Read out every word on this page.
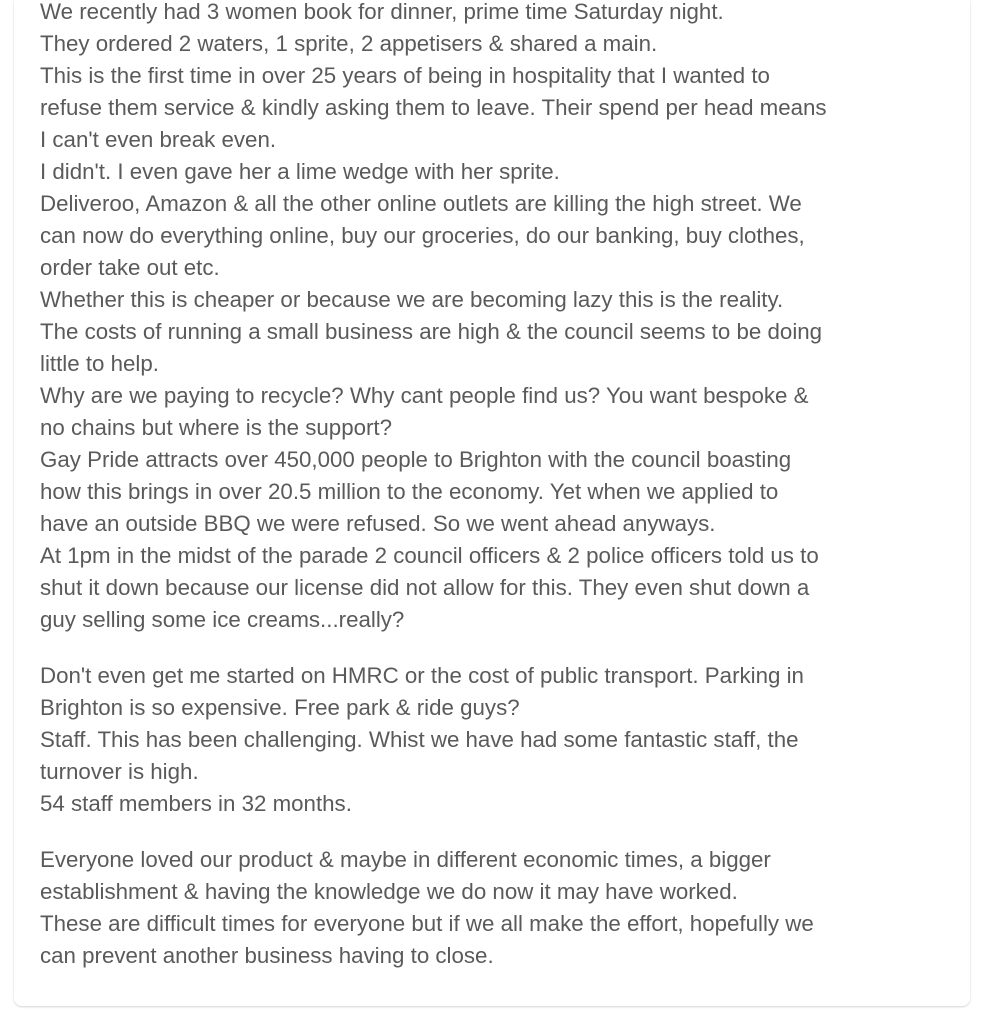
We recently had 3 women book for dinner, prime time Saturday night.
They ordered 2 waters, 1 sprite, 2 appetisers & shared a main.
This is the first time in over 25 years of being in hospitality that I wanted to
refuse them service & kindly asking them to leave. Their spend per head means
I can't even break even.
I didn't. I even gave her a lime wedge with her sprite.
Deliveroo, Amazon & all the other online outlets are killing the high street. We
can now do everything online, buy our groceries, do our banking, buy clothes,
order take out etc.
Whether this is cheaper or because we are becoming lazy this is the reality.
The costs of running a small business are high & the council seems to be doing
little to help.
Why are we paying to recycle? Why cant people find us? You want bespoke &
no chains but where is the support?
Gay Pride attracts over 450,000 people to Brighton with the council boasting
how this brings in over 20.5 million to the economy. Yet when we applied to
have an outside BBQ we were refused. So we went ahead anyways.
At 1pm in the midst of the parade 2 council officers & 2 police officers told us to
shut it down because our license did not allow for this. They even shut down a
guy selling some ice creams...really?
Don't even get me started on HMRC or the cost of public transport. Parking in
Brighton is so expensive. Free park & ride guys?
Staff. This has been challenging. Whist we have had some fantastic staff, the
turnover is high.
54 staff members in 32 months.
Everyone loved our product & maybe in different economic times, a bigger
establishment & having the knowledge we do now it may have worked.
These are difficult times for everyone but if we all make the effort, hopefully we
can prevent another business having to close.
